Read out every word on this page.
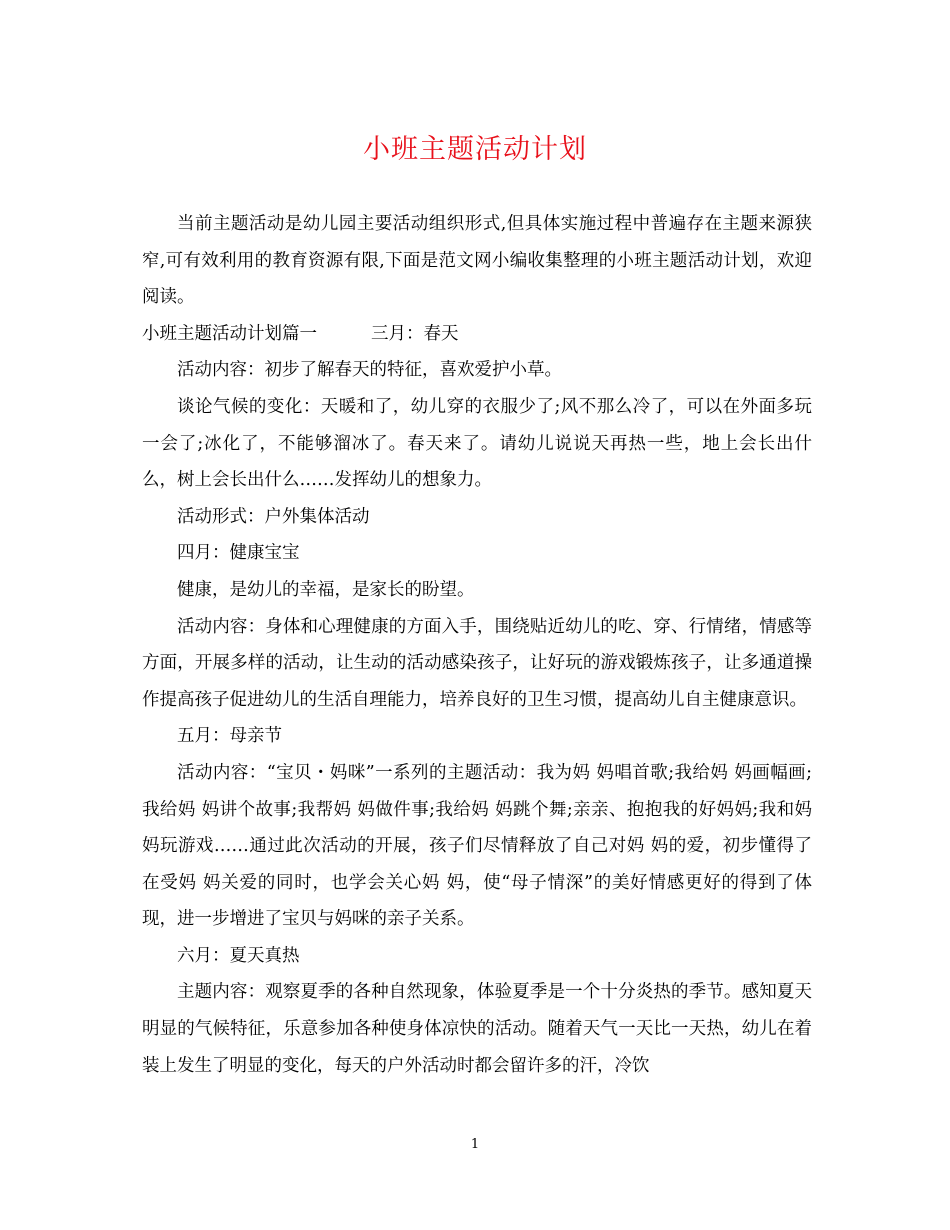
小班主题活动计划

当前主题活动是幼儿园主要活动组织形式,但具体实施过程中普遍存在主题来源狭窄,可有效利用的教育资源有限,下面是范文网小编收集整理的小班主题活动计划，欢迎阅读。

小班主题活动计划篇一	三月：春天

活动内容：初步了解春天的特征，喜欢爱护小草。

谈论气候的变化：天暖和了，幼儿穿的衣服少了;风不那么冷了，可以在外面多玩一会了;冰化了，不能够溜冰了。春天来了。请幼儿说说天再热一些，地上会长出什么，树上会长出什么……发挥幼儿的想象力。

活动形式：户外集体活动

四月：健康宝宝

健康，是幼儿的幸福，是家长的盼望。

活动内容：身体和心理健康的方面入手，围绕贴近幼儿的吃、穿、行情绪，情感等方面，开展多样的活动，让生动的活动感染孩子，让好玩的游戏锻炼孩子，让多通道操作提高孩子促进幼儿的生活自理能力，培养良好的卫生习惯，提高幼儿自主健康意识。

五月：母亲节

活动内容：“宝贝・妈咪”一系列的主题活动：我为妈 妈唱首歌;我给妈 妈画幅画;我给妈 妈讲个故事;我帮妈 妈做件事;我给妈 妈跳个舞;亲亲、抱抱我的好妈妈;我和妈 妈玩游戏……通过此次活动的开展，孩子们尽情释放了自己对妈 妈的爱，初步懂得了在受妈 妈关爱的同时，也学会关心妈 妈，使“母子情深”的美好情感更好的得到了体现，进一步增进了宝贝与妈咪的亲子关系。

六月：夏天真热

主题内容：观察夏季的各种自然现象，体验夏季是一个十分炎热的季节。感知夏天明显的气候特征，乐意参加各种使身体凉快的活动。随着天气一天比一天热，幼儿在着装上发生了明显的变化，每天的户外活动时都会留许多的汗，冷饮

1
